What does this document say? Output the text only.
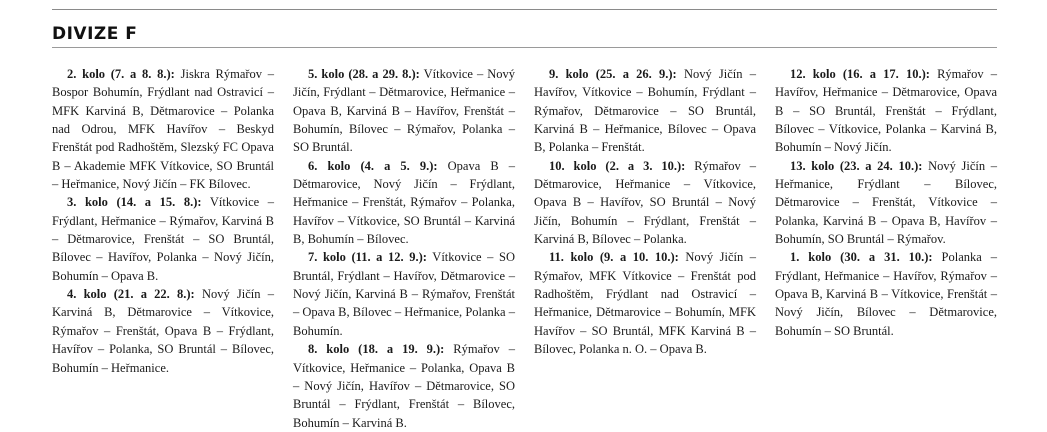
DIVIZE F

2. kolo (7. a 8. 8.): Jiskra Rýmařov – Bospor Bohumín, Frýdlant nad Ostravicí – MFK Karviná B, Dětmarovice – Polanka nad Odrou, MFK Havířov – Beskyd Frenštát pod Radhoštěm, Slezský FC Opava B – Akademie MFK Vítkovice, SO Bruntál – Heřmanice, Nový Jičín – FK Bílovec.

3. kolo (14. a 15. 8.): Vítkovice – Frýdlant, Heřmanice – Rýmařov, Karviná B – Dětmarovice, Frenštát – SO Bruntál, Bílovec – Havířov, Polanka – Nový Jičín, Bohumín – Opava B.

4. kolo (21. a 22. 8.): Nový Jičín – Karviná B, Dětmarovice – Vítkovice, Rýmařov – Frenštát, Opava B – Frýdlant, Havířov – Polanka, SO Bruntál – Bílovec, Bohumín – Heřmanice.

5. kolo (28. a 29. 8.): Vítkovice – Nový Jičín, Frýdlant – Dětmarovice, Heřmanice – Opava B, Karviná B – Havířov, Frenštát – Bohumín, Bílovec – Rýmařov, Polanka – SO Bruntál.

6. kolo (4. a 5. 9.): Opava B – Dětmarovice, Nový Jičín – Frýdlant, Heřmanice – Frenštát, Rýmařov – Polanka, Havířov – Vítkovice, SO Bruntál – Karviná B, Bohumín – Bílovec.

7. kolo (11. a 12. 9.): Vítkovice – SO Bruntál, Frýdlant – Havířov, Dětmarovice – Nový Jičín, Karviná B – Rýmařov, Frenštát – Opava B, Bílovec – Heřmanice, Polanka – Bohumín.

8. kolo (18. a 19. 9.): Rýmařov – Vítkovice, Heřmanice – Polanka, Opava B – Nový Jičín, Havířov – Dětmarovice, SO Bruntál – Frýdlant, Frenštát – Bílovec, Bohumín – Karviná B.

9. kolo (25. a 26. 9.): Nový Jičín – Havířov, Vítkovice – Bohumín, Frýdlant – Rýmařov, Dětmarovice – SO Bruntál, Karviná B – Heřmanice, Bílovec – Opava B, Polanka – Frenštát.

10. kolo (2. a 3. 10.): Rýmařov – Dětmarovice, Heřmanice – Vítkovice, Opava B – Havířov, SO Bruntál – Nový Jičín, Bohumín – Frýdlant, Frenštát – Karviná B, Bílovec – Polanka.

11. kolo (9. a 10. 10.): Nový Jičín – Rýmařov, MFK Vítkovice – Frenštát pod Radhoštěm, Frýdlant nad Ostravicí – Heřmanice, Dětmarovice – Bohumín, MFK Havířov – SO Bruntál, MFK Karviná B – Bílovec, Polanka n. O. – Opava B.

12. kolo (16. a 17. 10.): Rýmařov – Havířov, Heřmanice – Dětmarovice, Opava B – SO Bruntál, Frenštát – Frýdlant, Bílovec – Vítkovice, Polanka – Karviná B, Bohumín – Nový Jičín.

13. kolo (23. a 24. 10.): Nový Jičín – Heřmanice, Frýdlant – Bílovec, Dětmarovice – Frenštát, Vítkovice – Polanka, Karviná B – Opava B, Havířov – Bohumín, SO Bruntál – Rýmařov.

1. kolo (30. a 31. 10.): Polanka – Frýdlant, Heřmanice – Havířov, Rýmařov – Opava B, Karviná B – Vítkovice, Frenštát – Nový Jičín, Bílovec – Dětmarovice, Bohumín – SO Bruntál.
